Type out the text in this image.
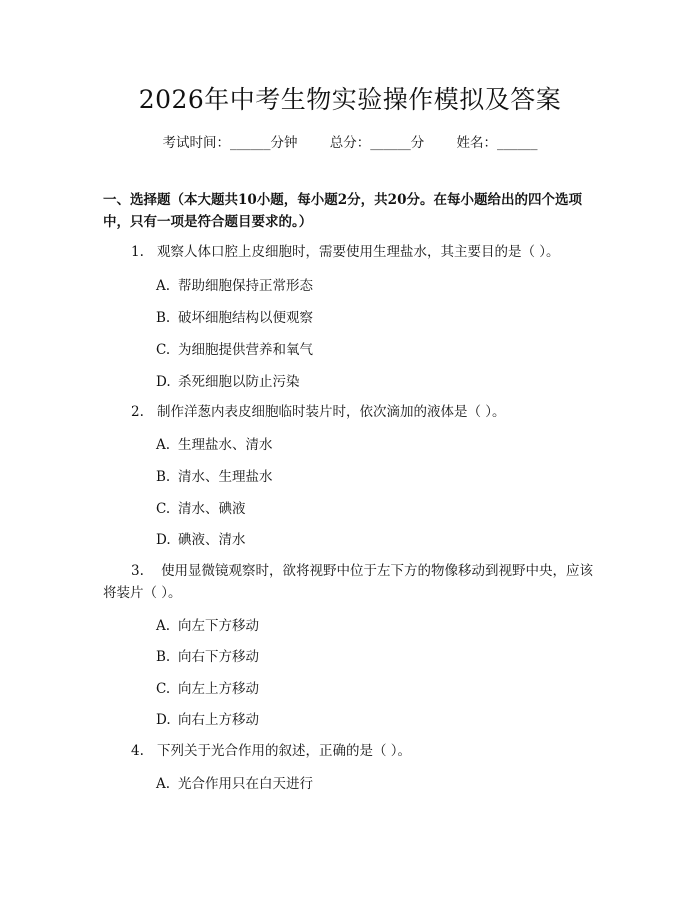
2026年中考生物实验操作模拟及答案
考试时间：______分钟 总分：______分 姓名：______
一、选择题（本大题共10小题，每小题2分，共20分。在每小题给出的四个选项中，只有一项是符合题目要求的。）
1. 观察人体口腔上皮细胞时，需要使用生理盐水，其主要目的是（ ）。
A. 帮助细胞保持正常形态
B. 破坏细胞结构以便观察
C. 为细胞提供营养和氧气
D. 杀死细胞以防止污染
2. 制作洋葱内表皮细胞临时装片时，依次滴加的液体是（ ）。
A. 生理盐水、清水
B. 清水、生理盐水
C. 清水、碘液
D. 碘液、清水
3. 使用显微镜观察时，欲将视野中位于左下方的物像移动到视野中央，应该将装片（ ）。
A. 向左下方移动
B. 向右下方移动
C. 向左上方移动
D. 向右上方移动
4. 下列关于光合作用的叙述，正确的是（ ）。
A. 光合作用只在白天进行
